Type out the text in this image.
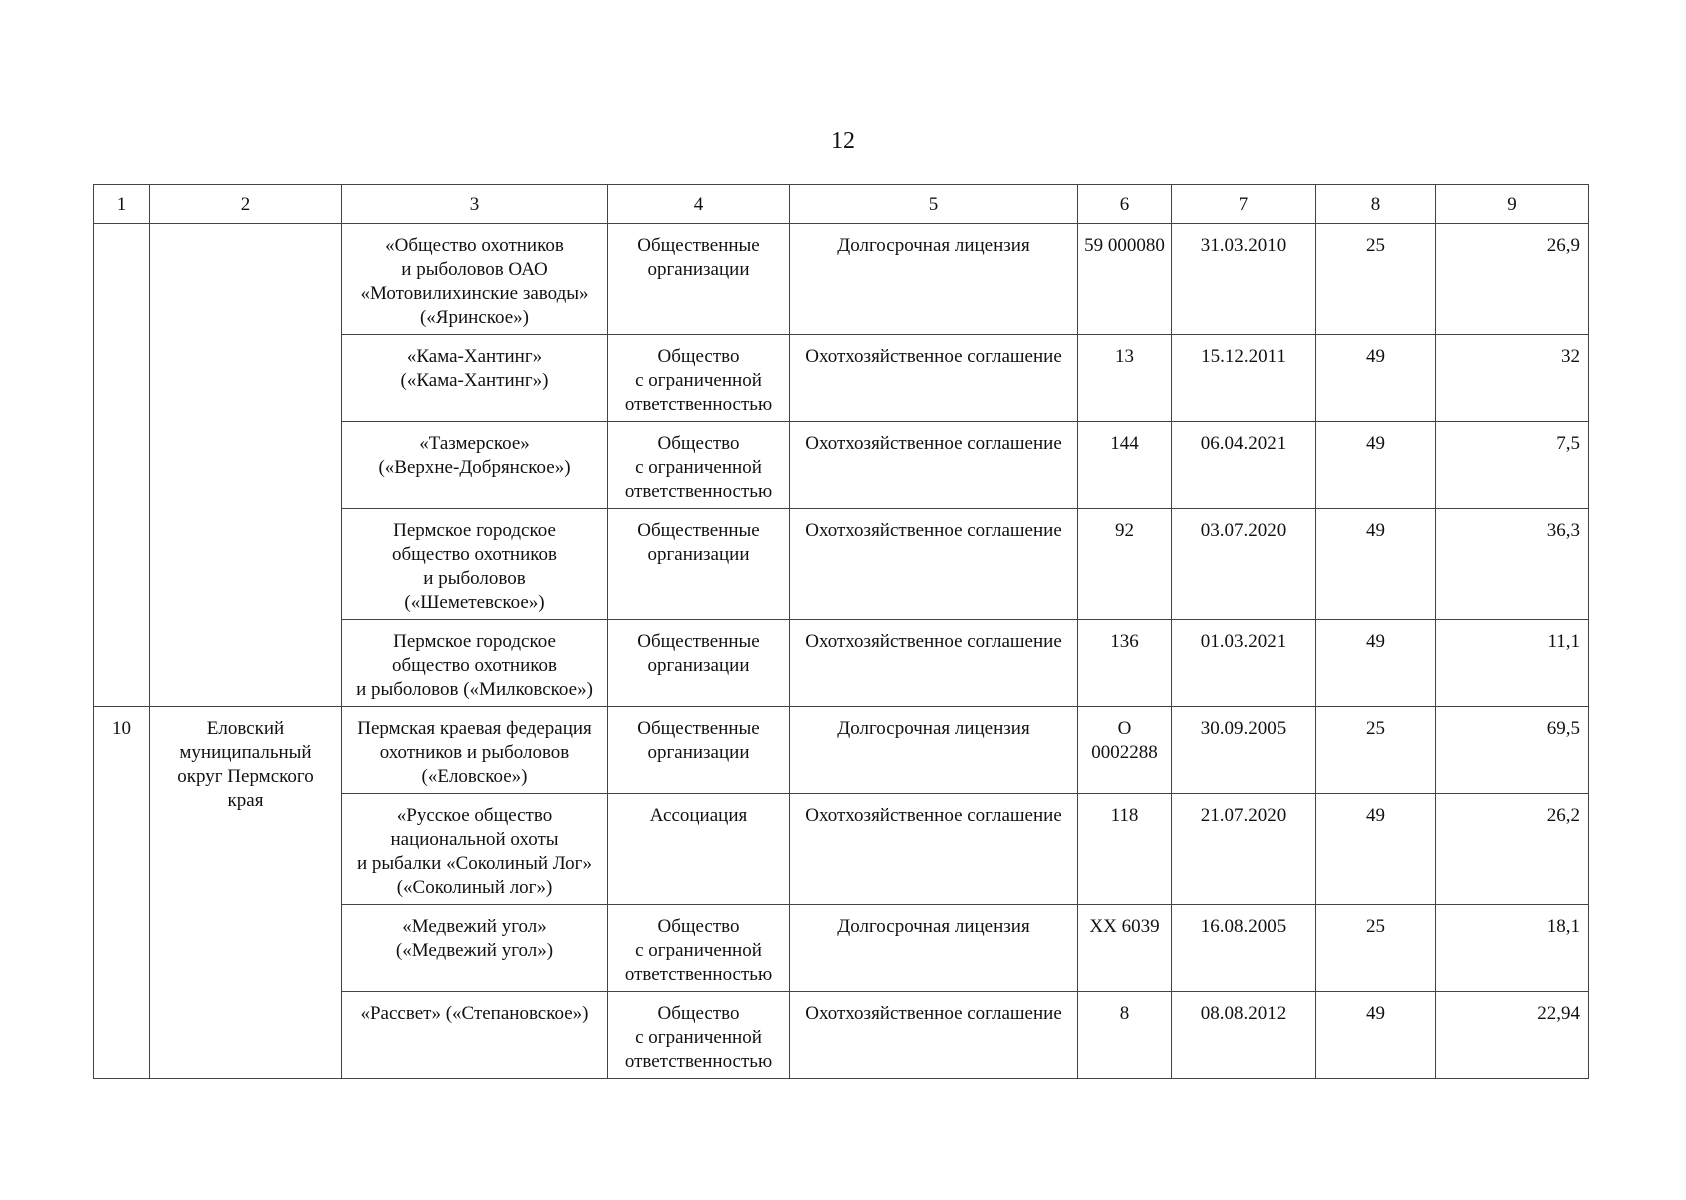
12
1	2	3	4	5	6	7	8	9

		«Общество охотников
и рыболовов ОАО
«Мотовилихинские заводы»
(«Яринское»)	Общественные
организации	Долгосрочная лицензия	59 000080	31.03.2010	25	26,9

		«Кама-Хантинг»
(«Кама-Хантинг»)	Общество
с ограниченной
ответственностью	Охотхозяйственное соглашение	13	15.12.2011	49	32

		«Тазмерское»
(«Верхне-Добрянское»)	Общество
с ограниченной
ответственностью	Охотхозяйственное соглашение	144	06.04.2021	49	7,5

		Пермское городское
общество охотников
и рыболовов
(«Шеметевское»)	Общественные
организации	Охотхозяйственное соглашение	92	03.07.2020	49	36,3

		Пермское городское
общество охотников
и рыболовов («Милковское»)	Общественные
организации	Охотхозяйственное соглашение	136	01.03.2021	49	11,1
10	Еловский
муниципальный
округ Пермского
края	Пермская краевая федерация
охотников и рыболовов
(«Еловское»)	Общественные
организации	Долгосрочная лицензия	О
0002288	30.09.2005	25	69,5

		«Русское общество
национальной охоты
и рыбалки «Соколиный Лог»
(«Соколиный лог»)	Ассоциация	Охотхозяйственное соглашение	118	21.07.2020	49	26,2

		«Медвежий угол»
(«Медвежий угол»)	Общество
с ограниченной
ответственностью	Долгосрочная лицензия	ХХ 6039	16.08.2005	25	18,1

		«Рассвет» («Степановское»)	Общество
с ограниченной
ответственностью	Охотхозяйственное соглашение	8	08.08.2012	49	22,94
